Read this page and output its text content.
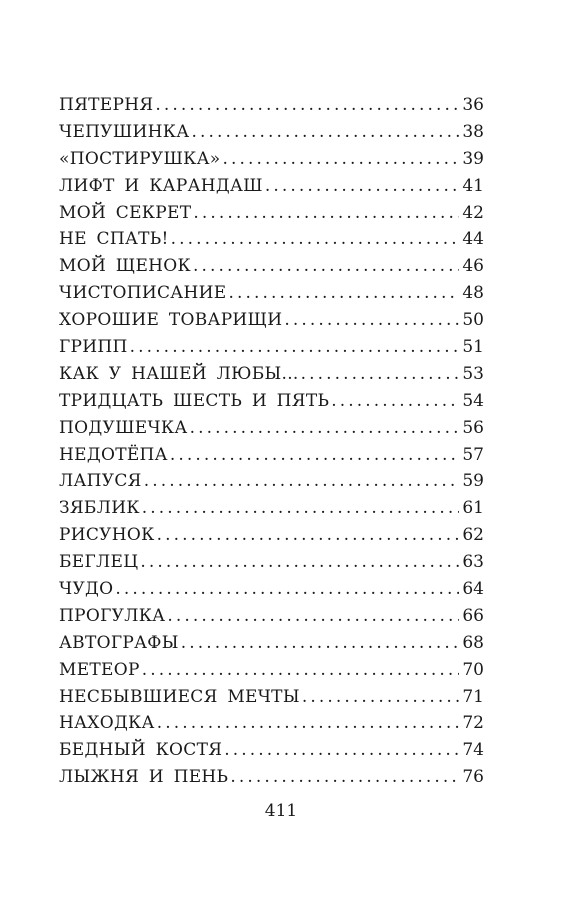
ПЯТЕРНЯ .....	36
ЧЕПУШИНКА .....	38
«ПОСТИРУШКА» .....	39
ЛИФТ И КАРАНДАШ .....	41
МОЙ СЕКРЕТ .....	42
НЕ СПАТЬ! .....	44
МОЙ ЩЕНОК .....	46
ЧИСТОПИСАНИЕ .....	48
ХОРОШИЕ ТОВАРИЩИ .....	50
ГРИПП .....	51
КАК У НАШЕЙ ЛЮБЫ... .....	53
ТРИДЦАТЬ ШЕСТЬ И ПЯТЬ .....	54
ПОДУШЕЧКА .....	56
НЕДОТЁПА .....	57
ЛАПУСЯ .....	59
ЗЯБЛИК .....	61
РИСУНОК .....	62
БЕГЛЕЦ .....	63
ЧУДО .....	64
ПРОГУЛКА .....	66
АВТОГРАФЫ .....	68
МЕТЕОР .....	70
НЕСБЫВШИЕСЯ МЕЧТЫ .....	71
НАХОДКА .....	72
БЕДНЫЙ КОСТЯ .....	74
ЛЫЖНЯ И ПЕНЬ .....	76
411
